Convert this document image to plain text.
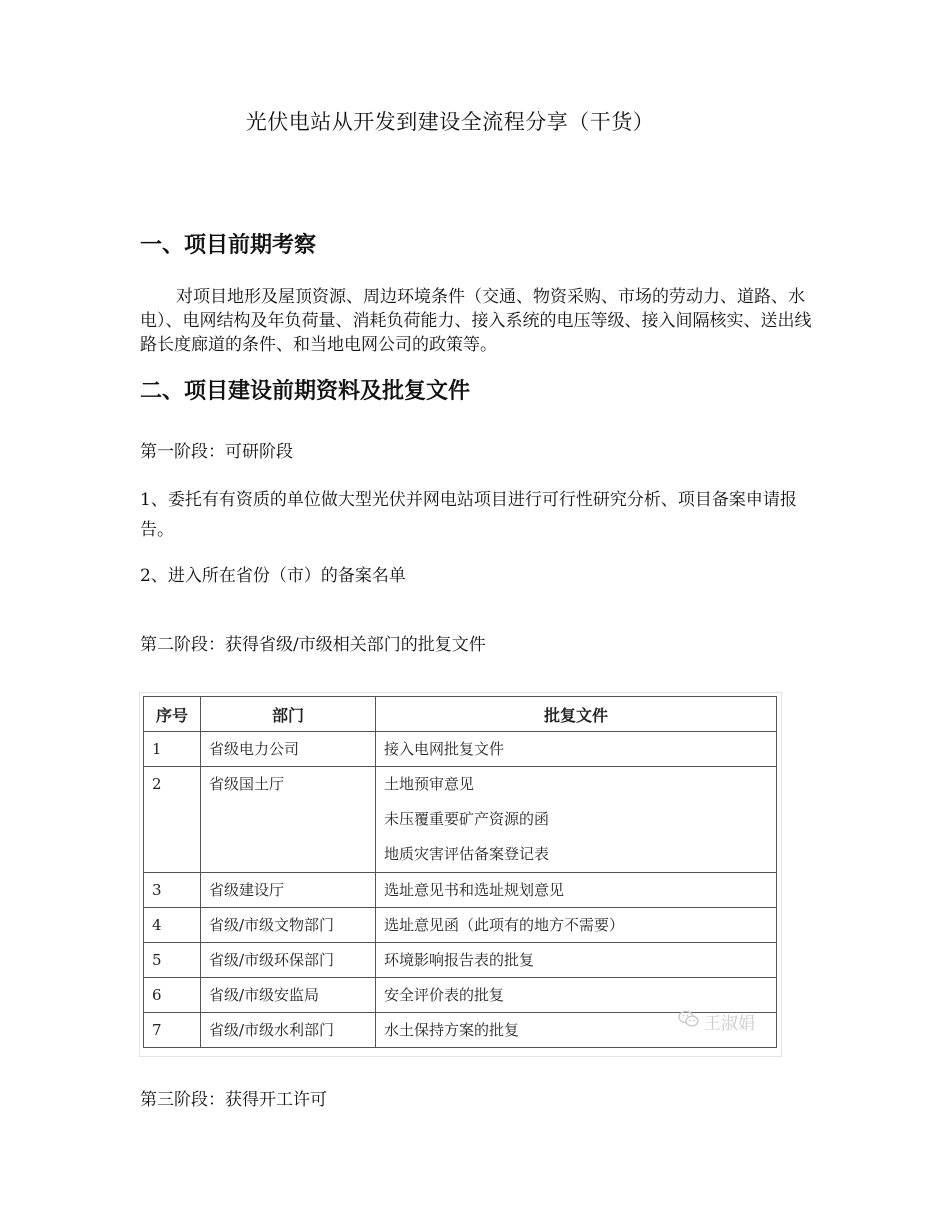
光伏电站从开发到建设全流程分享（干货）
一、项目前期考察
对项目地形及屋顶资源、周边环境条件（交通、物资采购、市场的劳动力、道路、水电）、电网结构及年负荷量、消耗负荷能力、接入系统的电压等级、接入间隔核实、送出线路长度廊道的条件、和当地电网公司的政策等。
二、项目建设前期资料及批复文件
第一阶段：可研阶段
1、委托有有资质的单位做大型光伏并网电站项目进行可行性研究分析、项目备案申请报告。
2、进入所在省份（市）的备案名单
第二阶段：获得省级/市级相关部门的批复文件
序号	部门	批复文件
1	省级电力公司	接入电网批复文件
2	省级国土厅	土地预审意见
未压覆重要矿产资源的函
地质灾害评估备案登记表

3	省级建设厅	选址意见书和选址规划意见
4	省级/市级文物部门	选址意见函（此项有的地方不需要）
5	省级/市级环保部门	环境影响报告表的批复
6	省级/市级安监局	安全评价表的批复
7	省级/市级水利部门	水土保持方案的批复	王淑娟
第三阶段：获得开工许可
